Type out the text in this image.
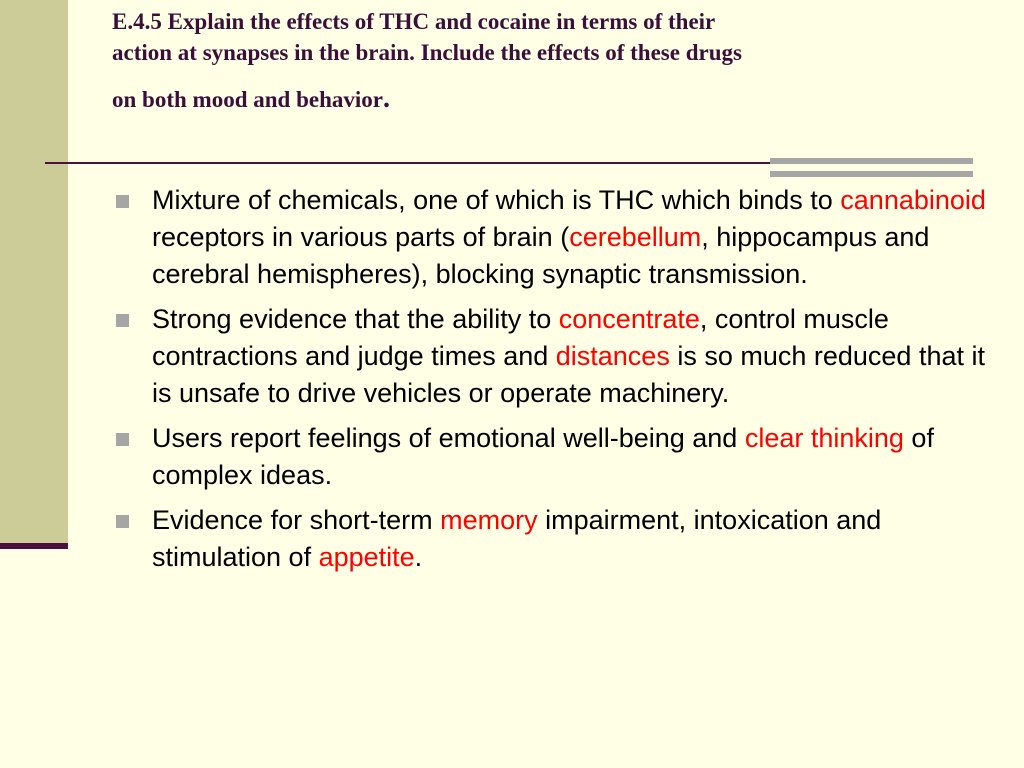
E.4.5 Explain the effects of THC and cocaine in terms of their
action at synapses in the brain. Include the effects of these drugs
on both mood and behavior.
Mixture of chemicals, one of which is THC which binds to cannabinoid receptors in various parts of brain (cerebellum, hippocampus and cerebral hemispheres), blocking synaptic transmission.
Strong evidence that the ability to concentrate, control muscle contractions and judge times and distances is so much reduced that it is unsafe to drive vehicles or operate machinery.
Users report feelings of emotional well-being and clear thinking of complex ideas.
Evidence for short-term memory impairment, intoxication and stimulation of appetite.
